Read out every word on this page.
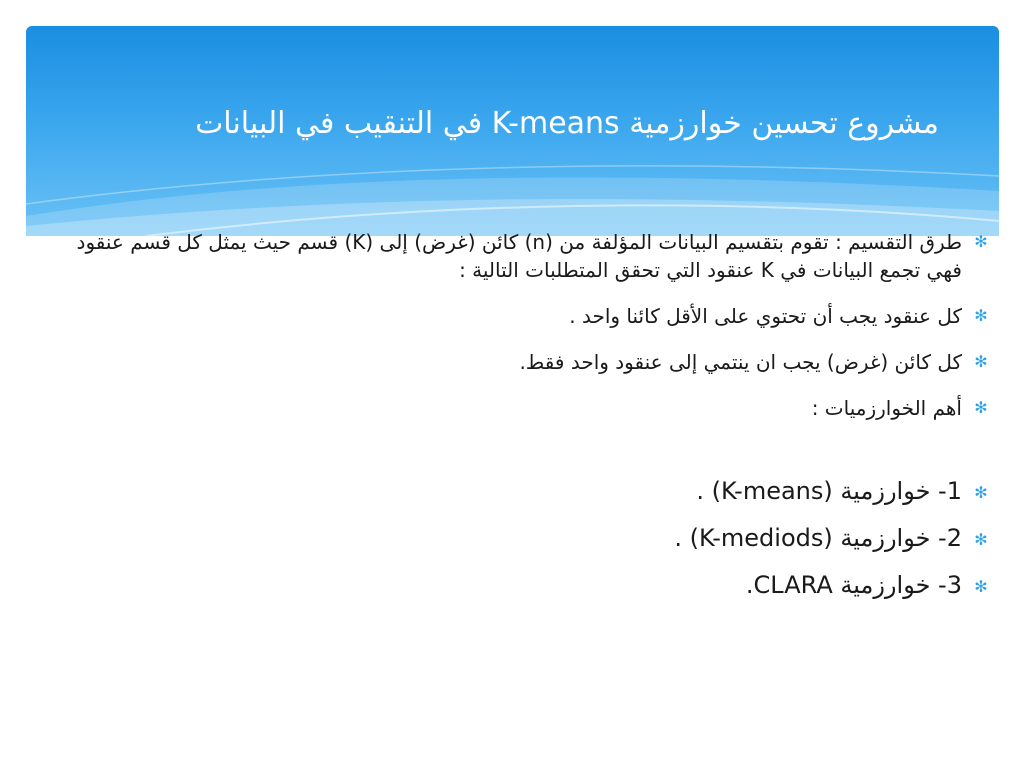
مشروع تحسين خوارزمية K-means في التنقيب في البيانات
✻
طرق التقسيم : تقوم بتقسيم البيانات المؤلفة من (n) كائن (غرض) إلى (K) قسم حيث يمثل كل قسم عنقود فهي تجمع البيانات في K عنقود التي تحقق المتطلبات التالية :
✻
كل عنقود يجب أن تحتوي على الأقل كائنا واحد .
✻
كل كائن (غرض) يجب ان ينتمي إلى عنقود واحد فقط.
✻
أهم الخوارزميات :
✻
1- خوارزمية (K-means) .
✻
2- خوارزمية (K-mediods) .
✻
3- خوارزمية CLARA.
